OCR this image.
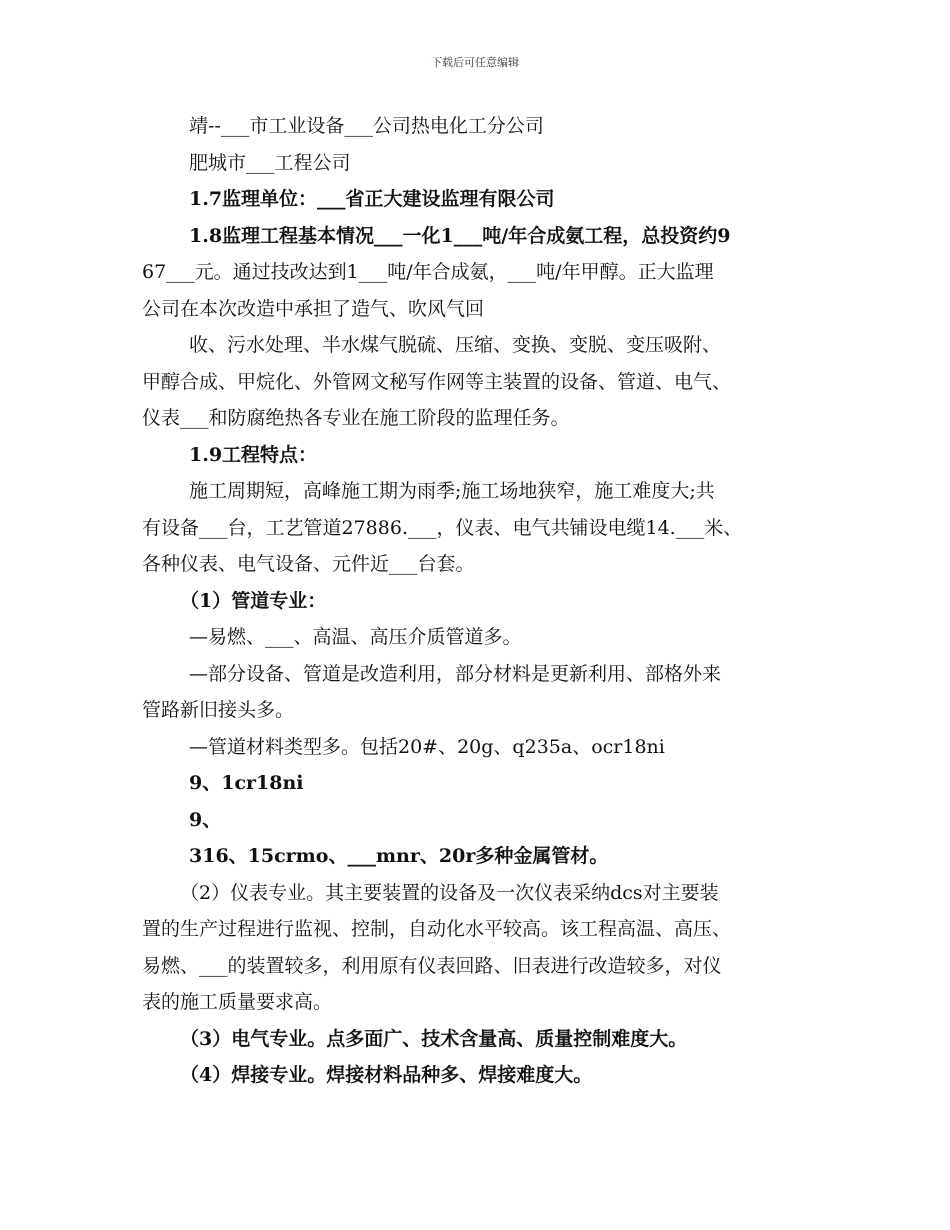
下载后可任意编辑
靖--___市工业设备___公司热电化工分公司
肥城市___工程公司
1.7监理单位：___省正大建设监理有限公司
1.8监理工程基本情况___一化1___吨/年合成氨工程，总投资约9
67___元。通过技改达到1___吨/年合成氨，___吨/年甲醇。正大监理
公司在本次改造中承担了造气、吹风气回
收、污水处理、半水煤气脱硫、压缩、变换、变脱、变压吸附、
甲醇合成、甲烷化、外管网文秘写作网等主装置的设备、管道、电气、
仪表___和防腐绝热各专业在施工阶段的监理任务。
1.9工程特点：
施工周期短，高峰施工期为雨季;施工场地狭窄，施工难度大;共
有设备___台，工艺管道27886.___，仪表、电气共铺设电缆14.___米、
各种仪表、电气设备、元件近___台套。
（1）管道专业：
—易燃、___、高温、高压介质管道多。
—部分设备、管道是改造利用，部分材料是更新利用、部格外来
管路新旧接头多。
—管道材料类型多。包括20#、20g、q235a、ocr18ni
9、1cr18ni
9、
316、15crmo、___mnr、20r多种金属管材。
（2）仪表专业。其主要装置的设备及一次仪表采纳dcs对主要装
置的生产过程进行监视、控制，自动化水平较高。该工程高温、高压、
易燃、___的装置较多，利用原有仪表回路、旧表进行改造较多，对仪
表的施工质量要求高。
（3）电气专业。点多面广、技术含量高、质量控制难度大。
（4）焊接专业。焊接材料品种多、焊接难度大。
